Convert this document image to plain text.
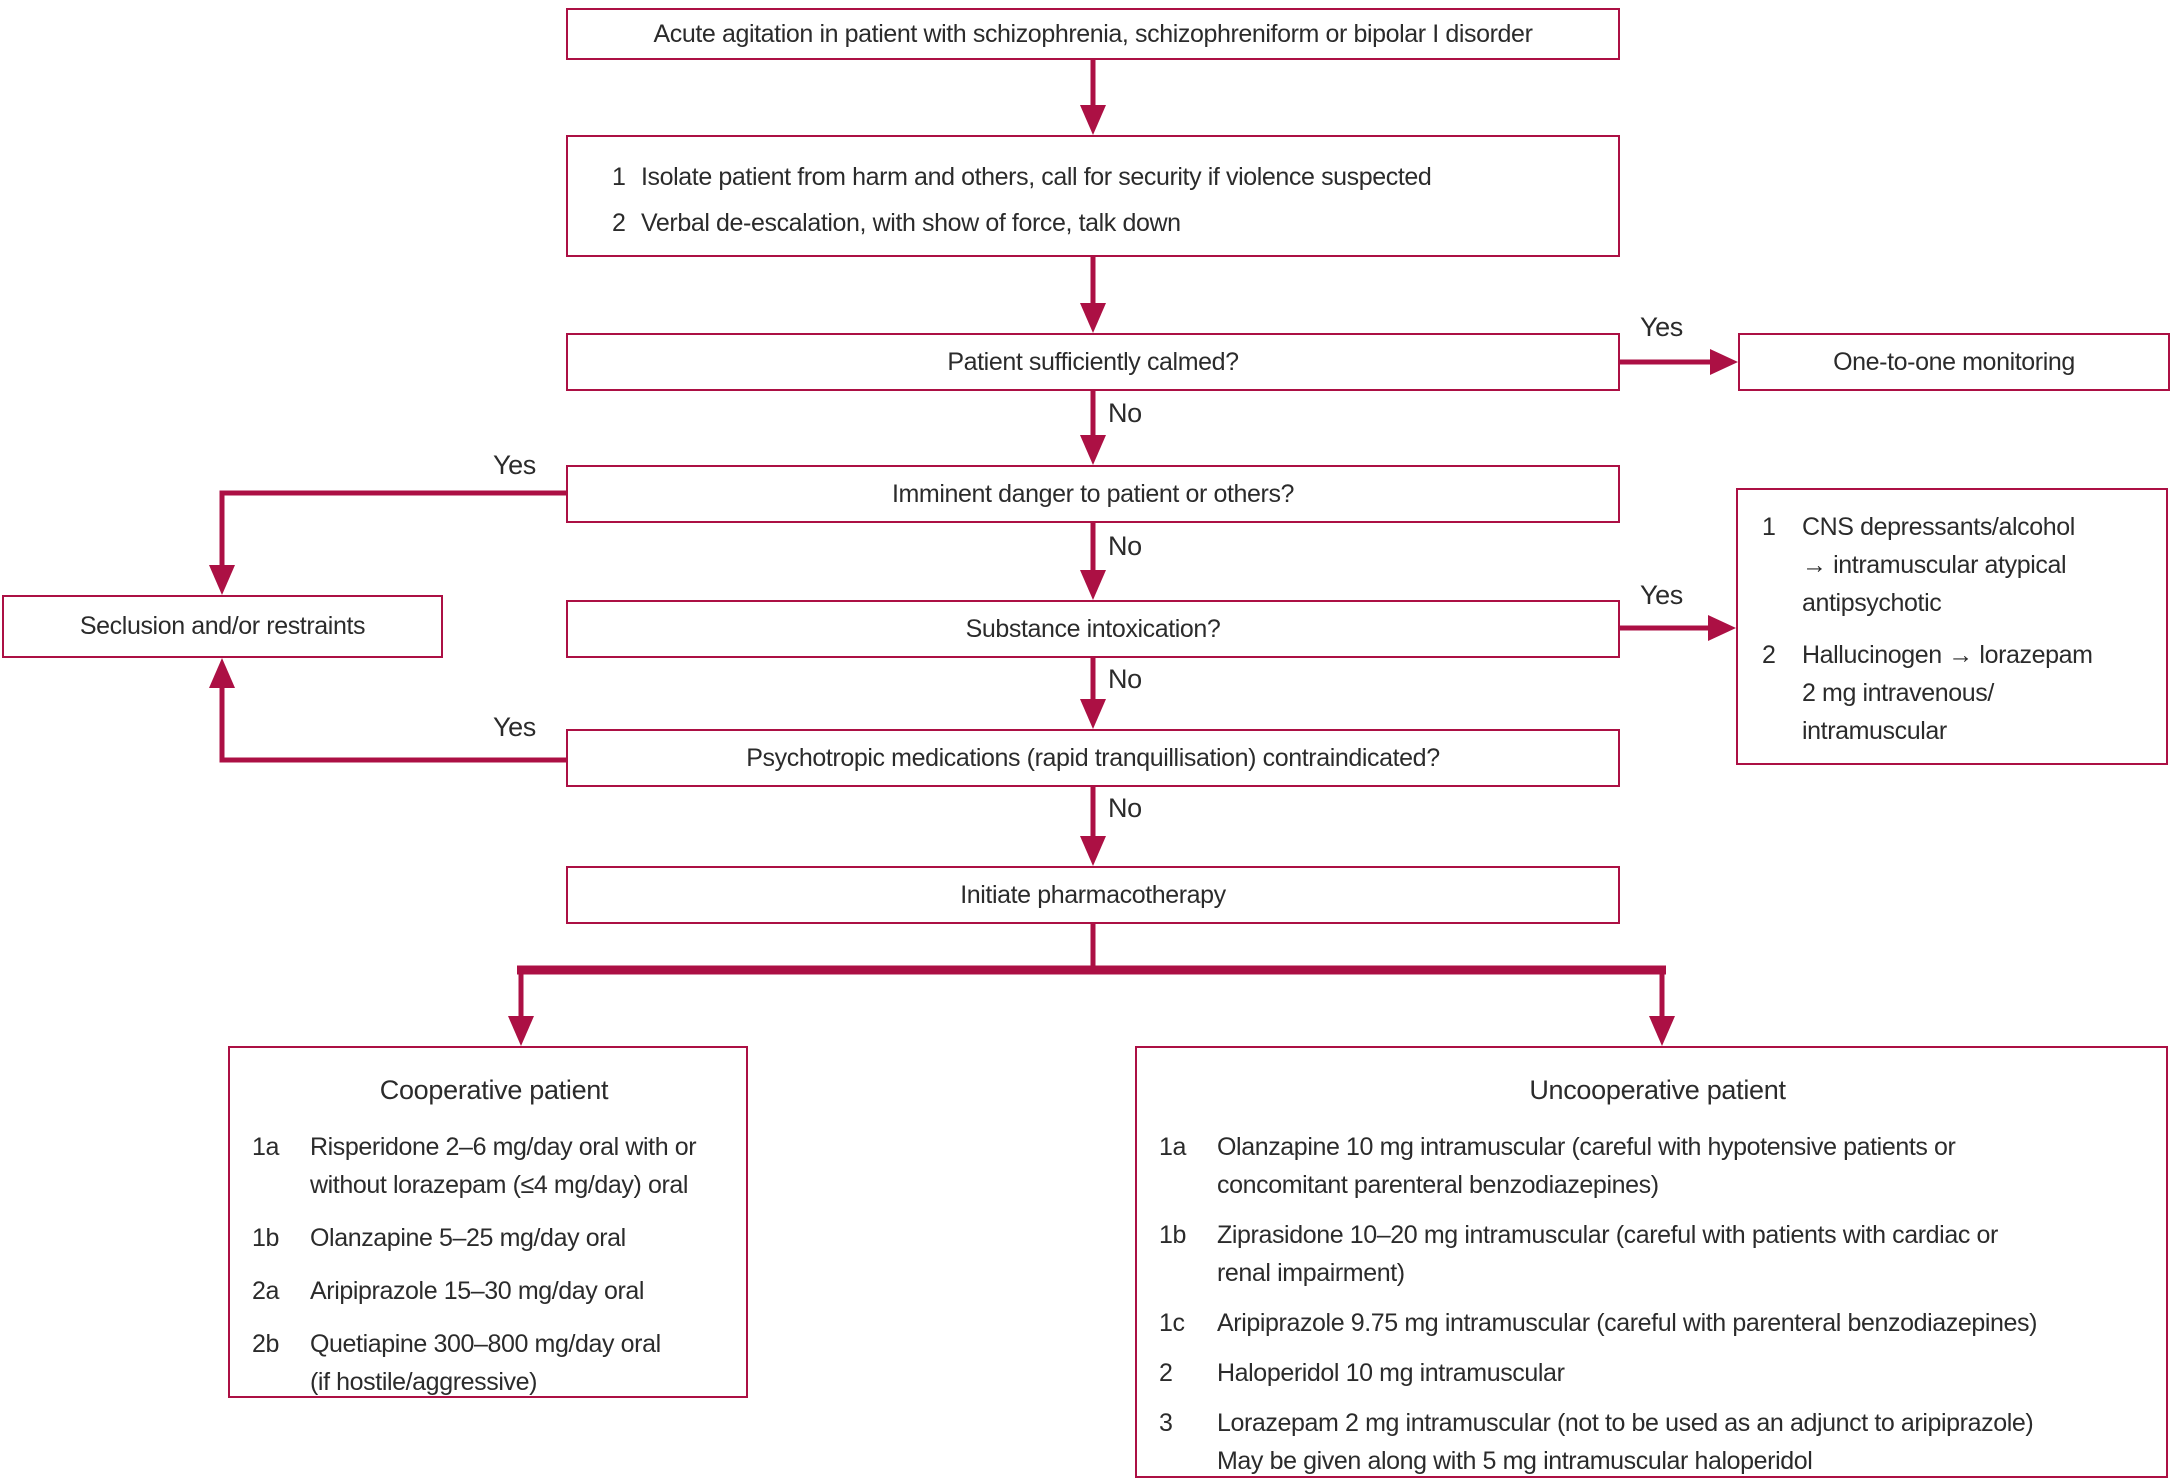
No
Yes
Yes
No
Yes
No
Yes
No
Acute agitation in patient with schizophrenia, schizophreniform or bipolar I disorder
1 Isolate patient from harm and others, call for security if violence suspected
2 Verbal de-escalation, with show of force, talk down
Patient sufficiently calmed?	One-to-one monitoring
Imminent danger to patient or others?
Seclusion and/or restraints	Substance intoxication?
1	CNS depressants/alcohol
→ intramuscular atypical
antipsychotic
2	Hallucinogen → lorazepam
2 mg intravenous/
intramuscular
Psychotropic medications (rapid tranquillisation) contraindicated?
Initiate pharmacotherapy
Cooperative patient
1a	Risperidone 2–6 mg/day oral with or
without lorazepam (≤4 mg/day) oral
1b	Olanzapine 5–25 mg/day oral
2a	Aripiprazole 15–30 mg/day oral
2b	Quetiapine 300–800 mg/day oral
(if hostile/aggressive)
Uncooperative patient
1a	Olanzapine 10 mg intramuscular (careful with hypotensive patients or
concomitant parenteral benzodiazepines)
1b	Ziprasidone 10–20 mg intramuscular (careful with patients with cardiac or
renal impairment)
1c	Aripiprazole 9.75 mg intramuscular (careful with parenteral benzodiazepines)
2	Haloperidol 10 mg intramuscular
3	Lorazepam 2 mg intramuscular (not to be used as an adjunct to aripiprazole)
May be given along with 5 mg intramuscular haloperidol
